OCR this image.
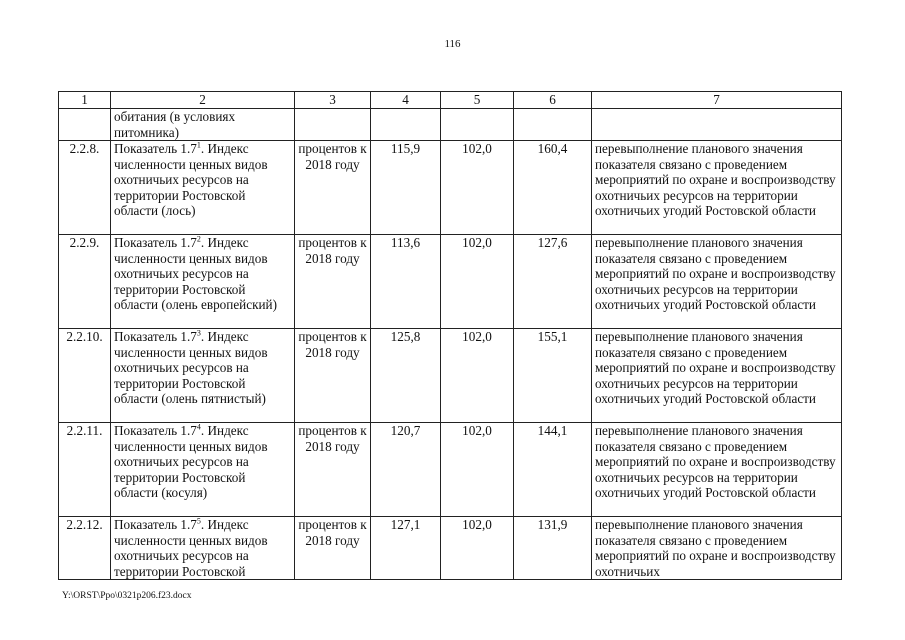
116
1	2	3	4	5	6	7
	обитания (в условиях питомника)					
2.2.8.	Показатель $1.7^1$. Индекс численности ценных видов охотничьих ресурсов на территории Ростовской области (лось)	процентов к 2018 году	115,9	102,0	160,4	перевыполнение планового значения показателя связано с проведением мероприятий по охране и воспроизводству охотничьих ресурсов на территории охотничьих угодий Ростовской области
2.2.9.	Показатель $1.7^2$. Индекс численности ценных видов охотничьих ресурсов на территории Ростовской области (олень европейский)	процентов к 2018 году	113,6	102,0	127,6	перевыполнение планового значения показателя связано с проведением мероприятий по охране и воспроизводству охотничьих ресурсов на территории охотничьих угодий Ростовской области
2.2.10.	Показатель $1.7^3$. Индекс численности ценных видов охотничьих ресурсов на территории Ростовской области (олень пятнистый)	процентов к 2018 году	125,8	102,0	155,1	перевыполнение планового значения показателя связано с проведением мероприятий по охране и воспроизводству охотничьих ресурсов на территории охотничьих угодий Ростовской области
2.2.11.	Показатель $1.7^4$. Индекс численности ценных видов охотничьих ресурсов на территории Ростовской области (косуля)	процентов к 2018 году	120,7	102,0	144,1	перевыполнение планового значения показателя связано с проведением мероприятий по охране и воспроизводству охотничьих ресурсов на территории охотничьих угодий Ростовской области
2.2.12.	Показатель $1.7^5$. Индекс численности ценных видов охотничьих ресурсов на территории Ростовской	процентов к 2018 году	127,1	102,0	131,9	перевыполнение планового значения показателя связано с проведением мероприятий по охране и воспроизводству охотничьих
Y:\ORST\Ppo\0321p206.f23.docx
